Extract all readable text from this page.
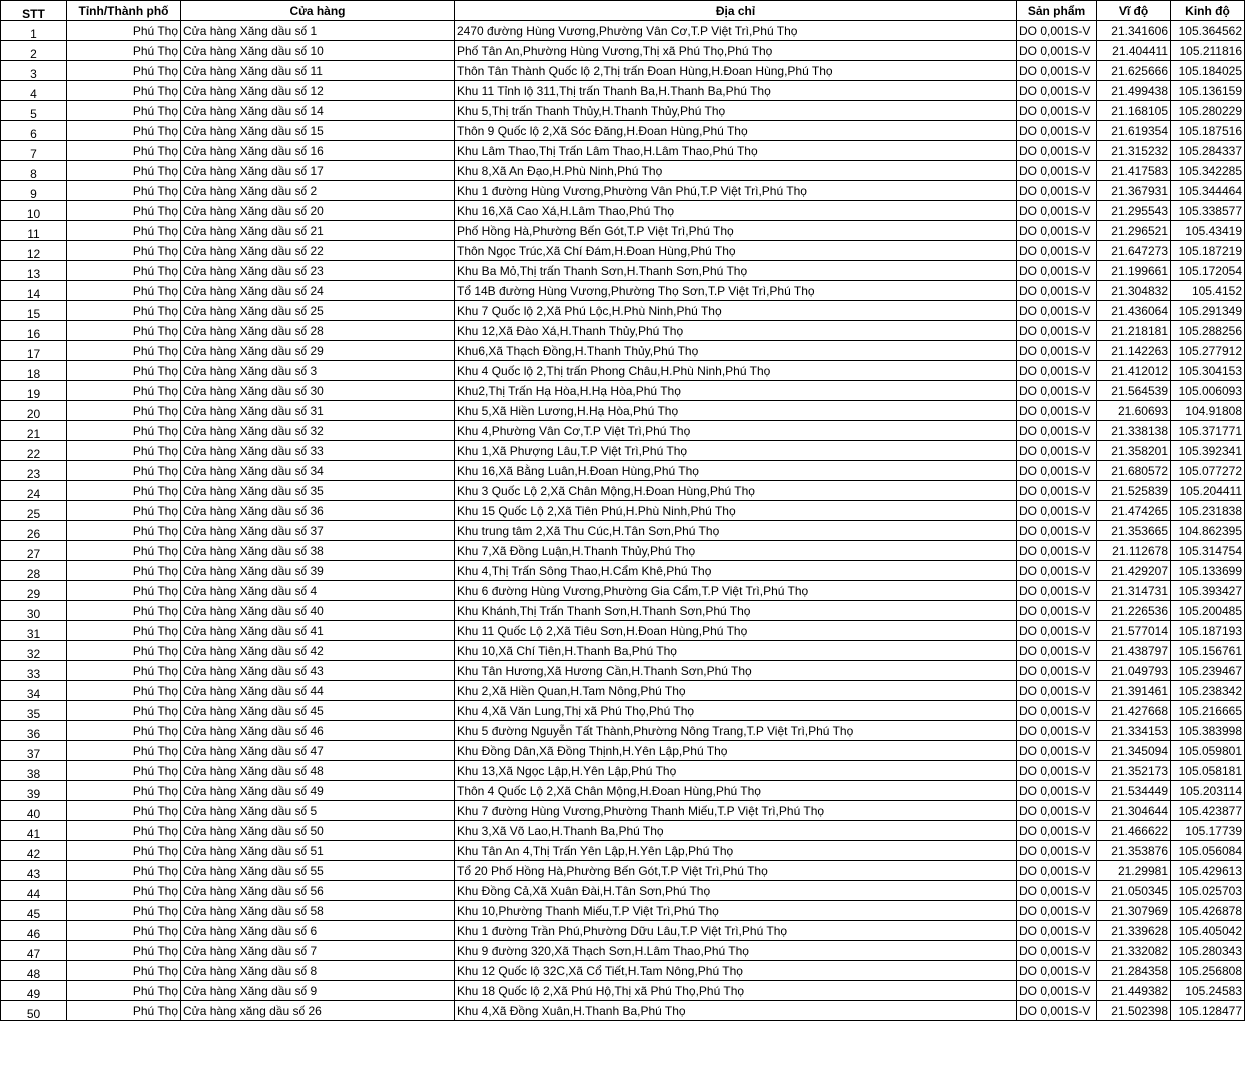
STT	Tỉnh/Thành phố	Cửa hàng	Địa chỉ	Sản phẩm	Vĩ độ	Kinh độ
1	Phú Thọ	Cửa hàng Xăng dầu số 1	2470 đường Hùng Vương,Phường Vân Cơ,T.P Việt Trì,Phú Thọ	DO 0,001S-V	21.341606	105.364562
2	Phú Thọ	Cửa hàng Xăng dầu số 10	Phố Tân An,Phường Hùng Vương,Thị xã Phú Thọ,Phú Thọ	DO 0,001S-V	21.404411	105.211816
3	Phú Thọ	Cửa hàng Xăng dầu số 11	Thôn Tân Thành Quốc lộ 2,Thị trấn Đoan Hùng,H.Đoan Hùng,Phú Thọ	DO 0,001S-V	21.625666	105.184025
4	Phú Thọ	Cửa hàng Xăng dầu số 12	Khu 11 Tỉnh lộ 311,Thị trấn Thanh Ba,H.Thanh Ba,Phú Thọ	DO 0,001S-V	21.499438	105.136159
5	Phú Thọ	Cửa hàng Xăng dầu số 14	Khu 5,Thị trấn Thanh Thủy,H.Thanh Thủy,Phú Thọ	DO 0,001S-V	21.168105	105.280229
6	Phú Thọ	Cửa hàng Xăng dầu số 15	Thôn 9 Quốc lộ 2,Xã Sóc Đăng,H.Đoan Hùng,Phú Thọ	DO 0,001S-V	21.619354	105.187516
7	Phú Thọ	Cửa hàng Xăng dầu số 16	Khu Lâm Thao,Thị Trấn Lâm Thao,H.Lâm Thao,Phú Thọ	DO 0,001S-V	21.315232	105.284337
8	Phú Thọ	Cửa hàng Xăng dầu số 17	Khu 8,Xã An Đạo,H.Phù Ninh,Phú Thọ	DO 0,001S-V	21.417583	105.342285
9	Phú Thọ	Cửa hàng Xăng dầu số 2	Khu 1 đường Hùng Vương,Phường Vân Phú,T.P Việt Trì,Phú Thọ	DO 0,001S-V	21.367931	105.344464
10	Phú Thọ	Cửa hàng Xăng dầu số 20	Khu 16,Xã Cao Xá,H.Lâm Thao,Phú Thọ	DO 0,001S-V	21.295543	105.338577
11	Phú Thọ	Cửa hàng Xăng dầu số 21	Phố Hồng Hà,Phường Bến Gót,T.P Việt Trì,Phú Thọ	DO 0,001S-V	21.296521	105.43419
12	Phú Thọ	Cửa hàng Xăng dầu số 22	Thôn Ngọc Trúc,Xã Chí Đám,H.Đoan Hùng,Phú Thọ	DO 0,001S-V	21.647273	105.187219
13	Phú Thọ	Cửa hàng Xăng dầu số 23	Khu Ba Mỏ,Thị trấn Thanh Sơn,H.Thanh Sơn,Phú Thọ	DO 0,001S-V	21.199661	105.172054
14	Phú Thọ	Cửa hàng Xăng dầu số 24	Tổ 14B đường Hùng Vương,Phường Thọ Sơn,T.P Việt Trì,Phú Thọ	DO 0,001S-V	21.304832	105.4152
15	Phú Thọ	Cửa hàng Xăng dầu số 25	Khu 7 Quốc lộ 2,Xã Phú Lộc,H.Phù Ninh,Phú Thọ	DO 0,001S-V	21.436064	105.291349
16	Phú Thọ	Cửa hàng Xăng dầu số 28	Khu 12,Xã Đào Xá,H.Thanh Thủy,Phú Thọ	DO 0,001S-V	21.218181	105.288256
17	Phú Thọ	Cửa hàng Xăng dầu số 29	Khu6,Xã Thạch Đồng,H.Thanh Thủy,Phú Thọ	DO 0,001S-V	21.142263	105.277912
18	Phú Thọ	Cửa hàng Xăng dầu số 3	Khu 4 Quốc lộ 2,Thị trấn Phong Châu,H.Phù Ninh,Phú Thọ	DO 0,001S-V	21.412012	105.304153
19	Phú Thọ	Cửa hàng Xăng dầu số 30	Khu2,Thị Trấn Hạ Hòa,H.Hạ Hòa,Phú Thọ	DO 0,001S-V	21.564539	105.006093
20	Phú Thọ	Cửa hàng Xăng dầu số 31	Khu 5,Xã Hiền Lương,H.Hạ Hòa,Phú Thọ	DO 0,001S-V	21.60693	104.91808
21	Phú Thọ	Cửa hàng Xăng dầu số 32	Khu 4,Phường Vân Cơ,T.P Việt Trì,Phú Thọ	DO 0,001S-V	21.338138	105.371771
22	Phú Thọ	Cửa hàng Xăng dầu số 33	Khu 1,Xã Phượng Lâu,T.P Việt Trì,Phú Thọ	DO 0,001S-V	21.358201	105.392341
23	Phú Thọ	Cửa hàng Xăng dầu số 34	Khu 16,Xã Bằng Luân,H.Đoan Hùng,Phú Thọ	DO 0,001S-V	21.680572	105.077272
24	Phú Thọ	Cửa hàng Xăng dầu số 35	Khu 3 Quốc Lộ 2,Xã Chân Mộng,H.Đoan Hùng,Phú Thọ	DO 0,001S-V	21.525839	105.204411
25	Phú Thọ	Cửa hàng Xăng dầu số 36	Khu 15 Quốc Lộ 2,Xã Tiên Phú,H.Phù Ninh,Phú Thọ	DO 0,001S-V	21.474265	105.231838
26	Phú Thọ	Cửa hàng Xăng dầu số 37	Khu trung tâm 2,Xã Thu Cúc,H.Tân Sơn,Phú Thọ	DO 0,001S-V	21.353665	104.862395
27	Phú Thọ	Cửa hàng Xăng dầu số 38	Khu 7,Xã Đồng Luận,H.Thanh Thủy,Phú Thọ	DO 0,001S-V	21.112678	105.314754
28	Phú Thọ	Cửa hàng Xăng dầu số 39	Khu 4,Thị Trấn Sông Thao,H.Cẩm Khê,Phú Thọ	DO 0,001S-V	21.429207	105.133699
29	Phú Thọ	Cửa hàng Xăng dầu số 4	Khu 6 đường Hùng Vương,Phường Gia Cẩm,T.P Việt Trì,Phú Thọ	DO 0,001S-V	21.314731	105.393427
30	Phú Thọ	Cửa hàng Xăng dầu số 40	Khu Khánh,Thị Trấn Thanh Sơn,H.Thanh Sơn,Phú Thọ	DO 0,001S-V	21.226536	105.200485
31	Phú Thọ	Cửa hàng Xăng dầu số 41	Khu 11 Quốc Lộ 2,Xã Tiêu Sơn,H.Đoan Hùng,Phú Thọ	DO 0,001S-V	21.577014	105.187193
32	Phú Thọ	Cửa hàng Xăng dầu số 42	Khu 10,Xã Chí Tiên,H.Thanh Ba,Phú Thọ	DO 0,001S-V	21.438797	105.156761
33	Phú Thọ	Cửa hàng Xăng dầu số 43	Khu Tân Hương,Xã Hương Cần,H.Thanh Sơn,Phú Thọ	DO 0,001S-V	21.049793	105.239467
34	Phú Thọ	Cửa hàng Xăng dầu số 44	Khu 2,Xã Hiền Quan,H.Tam Nông,Phú Thọ	DO 0,001S-V	21.391461	105.238342
35	Phú Thọ	Cửa hàng Xăng dầu số 45	Khu 4,Xã Văn Lung,Thị xã Phú Thọ,Phú Thọ	DO 0,001S-V	21.427668	105.216665
36	Phú Thọ	Cửa hàng Xăng dầu số 46	Khu 5 đường Nguyễn Tất Thành,Phường Nông Trang,T.P Việt Trì,Phú Thọ	DO 0,001S-V	21.334153	105.383998
37	Phú Thọ	Cửa hàng Xăng dầu số 47	Khu Đồng Dân,Xã Đồng Thịnh,H.Yên Lập,Phú Thọ	DO 0,001S-V	21.345094	105.059801
38	Phú Thọ	Cửa hàng Xăng dầu số 48	Khu 13,Xã Ngọc Lập,H.Yên Lập,Phú Thọ	DO 0,001S-V	21.352173	105.058181
39	Phú Thọ	Cửa hàng Xăng dầu số 49	Thôn 4 Quốc Lộ 2,Xã Chân Mộng,H.Đoan Hùng,Phú Thọ	DO 0,001S-V	21.534449	105.203114
40	Phú Thọ	Cửa hàng Xăng dầu số 5	Khu 7 đường Hùng Vương,Phường Thanh Miếu,T.P Việt Trì,Phú Thọ	DO 0,001S-V	21.304644	105.423877
41	Phú Thọ	Cửa hàng Xăng dầu số 50	Khu 3,Xã Võ Lao,H.Thanh Ba,Phú Thọ	DO 0,001S-V	21.466622	105.17739
42	Phú Thọ	Cửa hàng Xăng dầu số 51	Khu Tân An 4,Thị Trấn Yên Lập,H.Yên Lập,Phú Thọ	DO 0,001S-V	21.353876	105.056084
43	Phú Thọ	Cửa hàng Xăng dầu số 55	Tổ 20 Phố Hồng Hà,Phường Bến Gót,T.P Việt Trì,Phú Thọ	DO 0,001S-V	21.29981	105.429613
44	Phú Thọ	Cửa hàng Xăng dầu số 56	Khu Đồng Cả,Xã Xuân Đài,H.Tân Sơn,Phú Thọ	DO 0,001S-V	21.050345	105.025703
45	Phú Thọ	Cửa hàng Xăng dầu số 58	Khu 10,Phường Thanh Miếu,T.P Việt Trì,Phú Thọ	DO 0,001S-V	21.307969	105.426878
46	Phú Thọ	Cửa hàng Xăng dầu số 6	Khu 1 đường Trần Phú,Phường Dữu Lâu,T.P Việt Trì,Phú Thọ	DO 0,001S-V	21.339628	105.405042
47	Phú Thọ	Cửa hàng Xăng dầu số 7	Khu 9 đường 320,Xã Thạch Sơn,H.Lâm Thao,Phú Thọ	DO 0,001S-V	21.332082	105.280343
48	Phú Thọ	Cửa hàng Xăng dầu số 8	Khu 12 Quốc lộ 32C,Xã Cổ Tiết,H.Tam Nông,Phú Thọ	DO 0,001S-V	21.284358	105.256808
49	Phú Thọ	Cửa hàng Xăng dầu số 9	Khu 18 Quốc lộ 2,Xã Phú Hộ,Thị xã Phú Thọ,Phú Thọ	DO 0,001S-V	21.449382	105.24583
50	Phú Thọ	Cửa hàng xăng dầu số 26	Khu 4,Xã Đồng Xuân,H.Thanh Ba,Phú Thọ	DO 0,001S-V	21.502398	105.128477
